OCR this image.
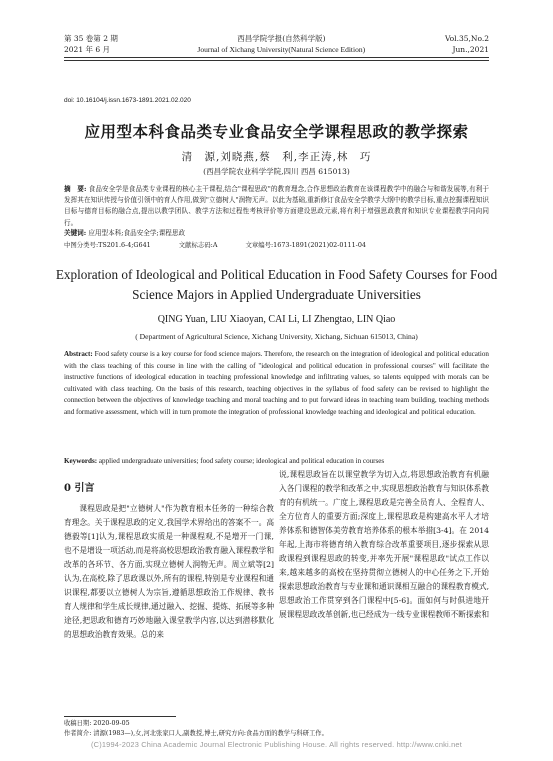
第 35 卷第 2 期	西昌学院学报(自然科学版)	Vol.35,No.2
2021 年 6 月	Journal of Xichang University(Natural Science Edition)	Jun.,2021
doi: 10.16104/j.issn.1673-1891.2021.02.020
应用型本科食品类专业食品安全学课程思政的教学探索
清　源,刘晓燕,蔡　利,李正涛,林　巧
(西昌学院农业科学学院,四川 西昌 615013)
摘　要: 食品安全学是食品类专业课程的核心主干课程,结合"课程思政"的教育理念,合作思想政治教育在该课程教学中的融合与和谐发展等,有利于发挥其在知识传授与价值引领中的育人作用,做到"立德树人"润物无声。以此为基础,重新修订食品安全学教学大纲中的教学目标,重点挖掘课程知识目标与德育目标的融合点,提出以教学团队、教学方法和过程性考核评价等方面建设思政元素,将有利于增强思政教育和知识专业课程教学同向同行。
关键词: 应用型本科;食品安全学;课程思政
中图分类号:TS201.6-4;G641	文献标志码:A	文章编号:1673-1891(2021)02-0111-04
Exploration of Ideological and Political Education in Food Safety Courses for Food Science Majors in Applied Undergraduate Universities
QING Yuan, LIU Xiaoyan, CAI Li, LI Zhengtao, LIN Qiao
( Department of Agricultural Science, Xichang University, Xichang, Sichuan 615013, China)
Abstract: Food safety course is a key course for food science majors. Therefore, the research on the integration of ideological and political education with the class teaching of this course in line with the calling of "ideological and political education in professional courses" will facilitate the instructive functions of ideological education in teaching professional knowledge and infiltrating values, so talents equipped with morals can be cultivated with class teaching. On the basis of this research, teaching objectives in the syllabus of food safety can be revised to highlight the connection between the objectives of knowledge teaching and moral teaching and to put forward ideas in teaching team building, teaching methods and formative assessment, which will in turn promote the integration of professional knowledge teaching and ideological and political education.
Keywords: applied undergraduate universities; food safety course; ideological and political education in courses
0 引言

课程思政是把"立德树人"作为教育根本任务的一种综合教育理念。关于课程思政的定义,我国学术界给出的答案不一。高德毅等[1]认为,课程思政实质是一种课程观,不是增开一门课,也不是增设一项活动,而是将高校思想政治教育融入课程教学和改革的各环节、各方面,实现立德树人润物无声。周立斌等[2]认为,在高校,除了思政课以外,所有的课程,特别是专业课程和通识课程,都要以立德树人为宗旨,遵循思想政治工作规律、教书育人规律和学生成长规律,通过融入、挖掘、提炼、拓展等多种途径,把思政和德育巧妙地融入课堂教学内容,以达到潜移默化的思想政治教育效果。总的来

说,课程思政旨在以课堂教学为切入点,将思想政治教育有机融入各门课程的教学和改革之中,实现思想政治教育与知识体系教育的有机统一。广度上,课程思政是完善全员育人、全程育人、全方位育人的重要方面;深度上,课程思政是构建高水平人才培养体系和德智体美劳教育培养体系的根本举措[3-4]。在 2014 年起,上海市将德育纳入教育综合改革重要项目,逐步探索从思政课程到课程思政的转变,并率先开展"课程思政"试点工作以来,越来越多的高校在坚持贯彻立德树人的中心任务之下,开始探索思想政治教育与专业课和通识课相互融合的课程教育模式,思想政治工作贯穿到各门课程中[5-6]。面如何与时俱进地开展课程思政改革创新,也已经成为一线专业课程教师不断探索和

收稿日期: 2020-09-05
作者简介: 清源(1983—),女,河北张家口人,副教授,博士,研究方向:食品方面的教学与科研工作。
(C)1994-2023 China Academic Journal Electronic Publishing House. All rights reserved. http://www.cnki.net
